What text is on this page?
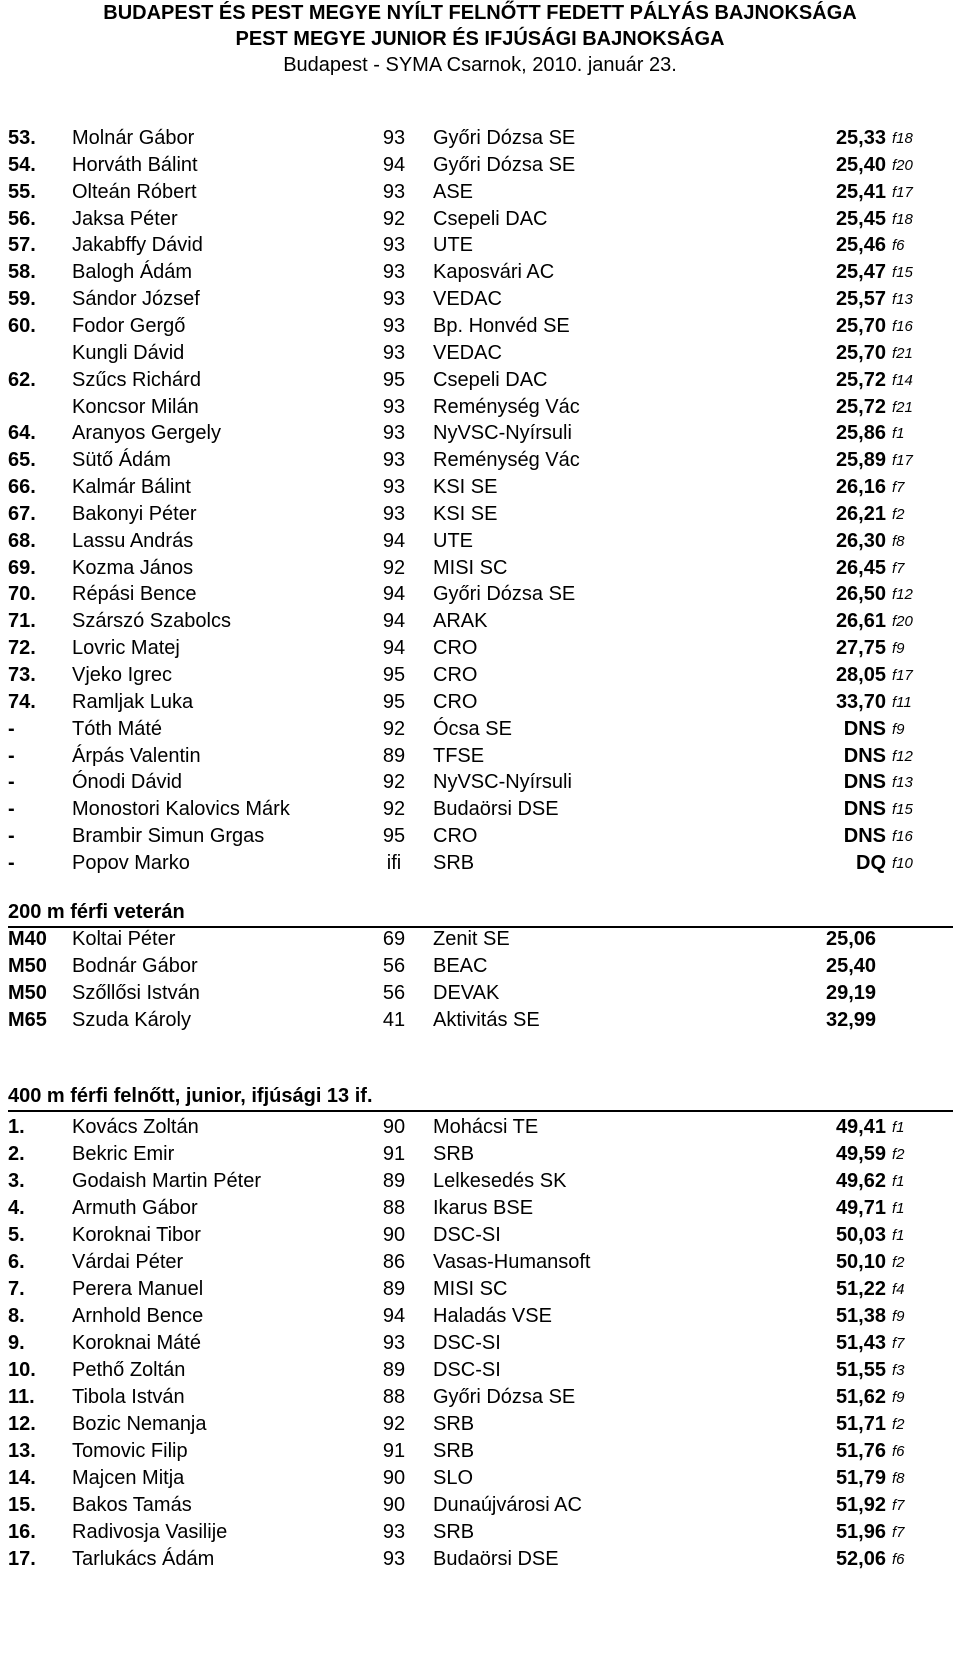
BUDAPEST ÉS PEST MEGYE NYÍLT FELNŐTT FEDETT PÁLYÁS BAJNOKSÁGA
PEST MEGYE JUNIOR ÉS IFJÚSÁGI BAJNOKSÁGA
Budapest - SYMA Csarnok, 2010. január 23.
53. Molnár Gábor	93	Győri Dózsa SE	25,33 f18
54. Horváth Bálint	94	Győri Dózsa SE	25,40 f20
55. Olteán Róbert	93	ASE	25,41 f17
56. Jaksa Péter	92	Csepeli DAC	25,45 f18
57. Jakabffy Dávid	93	UTE	25,46 f6
58. Balogh Ádám	93	Kaposvári AC	25,47 f15
59. Sándor József	93	VEDAC	25,57 f13
60. Fodor Gergő	93	Bp. Honvéd SE	25,70 f16
Kungli Dávid	93	VEDAC	25,70 f21
62. Szűcs Richárd	95	Csepeli DAC	25,72 f14
Koncsor Milán	93	Reménység Vác	25,72 f21
64. Aranyos Gergely	93	NyVSC-Nyírsuli	25,86 f1
65. Sütő Ádám	93	Reménység Vác	25,89 f17
66. Kalmár Bálint	93	KSI SE	26,16 f7
67. Bakonyi Péter	93	KSI SE	26,21 f2
68. Lassu András	94	UTE	26,30 f8
69. Kozma János	92	MISI SC	26,45 f7
70. Répási Bence	94	Győri Dózsa SE	26,50 f12
71. Szárszó Szabolcs	94	ARAK	26,61 f20
72. Lovric Matej	94	CRO	27,75 f9
73. Vjeko Igrec	95	CRO	28,05 f17
74. Ramljak Luka	95	CRO	33,70 f11
-	Tóth Máté	92	Ócsa SE	DNS f9
-	Árpás Valentin	89	TFSE	DNS f12
-	Ónodi Dávid	92	NyVSC-Nyírsuli	DNS f13
-	Monostori Kalovics Márk	92	Budaörsi DSE	DNS f15
-	Brambir Simun Grgas	95	CRO	DNS f16
-	Popov Marko	ifi	SRB	DQ f10
200 m férfi veterán
M40 Koltai Péter	69	Zenit SE	25,06
M50 Bodnár Gábor	56	BEAC	25,40
M50 Szőllősi István	56	DEVAK	29,19
M65 Szuda Károly	41	Aktivitás SE	32,99
400 m férfi felnőtt, junior, ifjúsági 13 if.
1. Kovács Zoltán	90	Mohácsi TE	49,41 f1
2. Bekric Emir	91	SRB	49,59 f2
3. Godaish Martin Péter	89	Lelkesedés SK	49,62 f1
4. Armuth Gábor	88	Ikarus BSE	49,71 f1
5. Koroknai Tibor	90	DSC-SI	50,03 f1
6. Várdai Péter	86	Vasas-Humansoft	50,10 f2
7. Perera Manuel	89	MISI SC	51,22 f4
8. Arnhold Bence	94	Haladás VSE	51,38 f9
9. Koroknai Máté	93	DSC-SI	51,43 f7
10. Pethő Zoltán	89	DSC-SI	51,55 f3
11. Tibola István	88	Győri Dózsa SE	51,62 f9
12. Bozic Nemanja	92	SRB	51,71 f2
13. Tomovic Filip	91	SRB	51,76 f6
14. Majcen Mitja	90	SLO	51,79 f8
15. Bakos Tamás	90	Dunaújvárosi AC	51,92 f7
16. Radivosja Vasilije	93	SRB	51,96 f7
17. Tarlukács Ádám	93	Budaörsi DSE	52,06 f6
